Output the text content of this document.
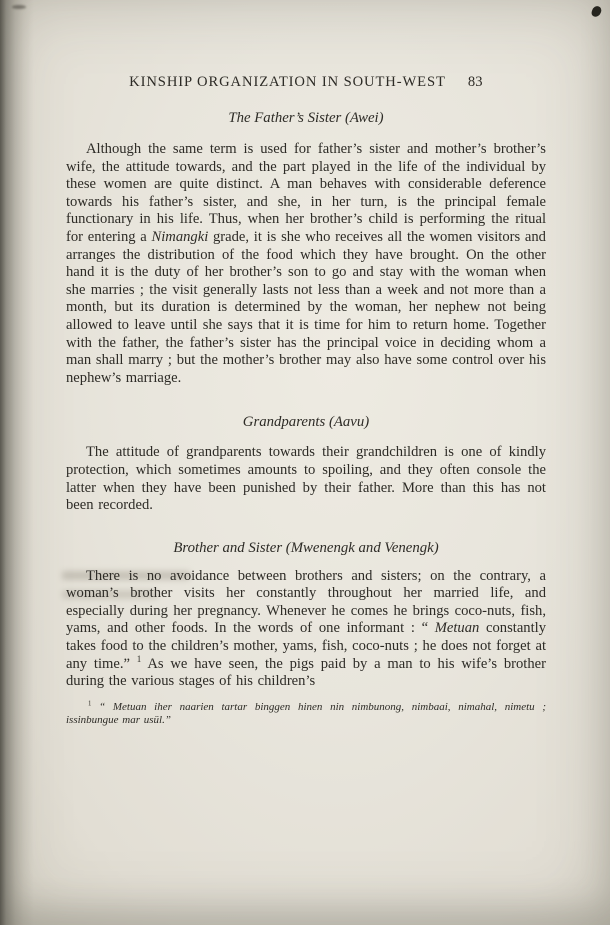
KINSHIP ORGANIZATION IN SOUTH-WEST 83
The Father’s Sister (Awei)

Although the same term is used for father’s sister and mother’s brother’s wife, the attitude towards, and the part played in the life of the individual by these women are quite distinct. A man behaves with considerable deference towards his father’s sister, and she, in her turn, is the principal female functionary in his life. Thus, when her brother’s child is performing the ritual for entering a Nimangki grade, it is she who receives all the women visitors and arranges the distribution of the food which they have brought. On the other hand it is the duty of her brother’s son to go and stay with the woman when she marries ; the visit generally lasts not less than a week and not more than a month, but its duration is determined by the woman, her nephew not being allowed to leave until she says that it is time for him to return home. Together with the father, the father’s sister has the principal voice in deciding whom a man shall marry ; but the mother’s brother may also have some control over his nephew’s marriage.

Grandparents (Aavu)

The attitude of grandparents towards their grandchildren is one of kindly protection, which sometimes amounts to spoiling, and they often console the latter when they have been punished by their father. More than this has not been recorded.

Brother and Sister (Mwenengk and Venengk)

There is no avoidance between brothers and sisters; on the contrary, a woman’s brother visits her constantly throughout her married life, and especially during her pregnancy. Whenever he comes he brings coco-nuts, fish, yams, and other foods. In the words of one informant : “ Metuan constantly takes food to the children’s mother, yams, fish, coco-nuts ; he does not forget at any time.” $^1$ As we have seen, the pigs paid by a man to his wife’s brother during the various stages of his children’s

$^1$ “ Metuan iher naarien tartar binggen hinen nin nimbunong, nimbaai, nimahal, nimetu ; issinbungue mar usül.”
